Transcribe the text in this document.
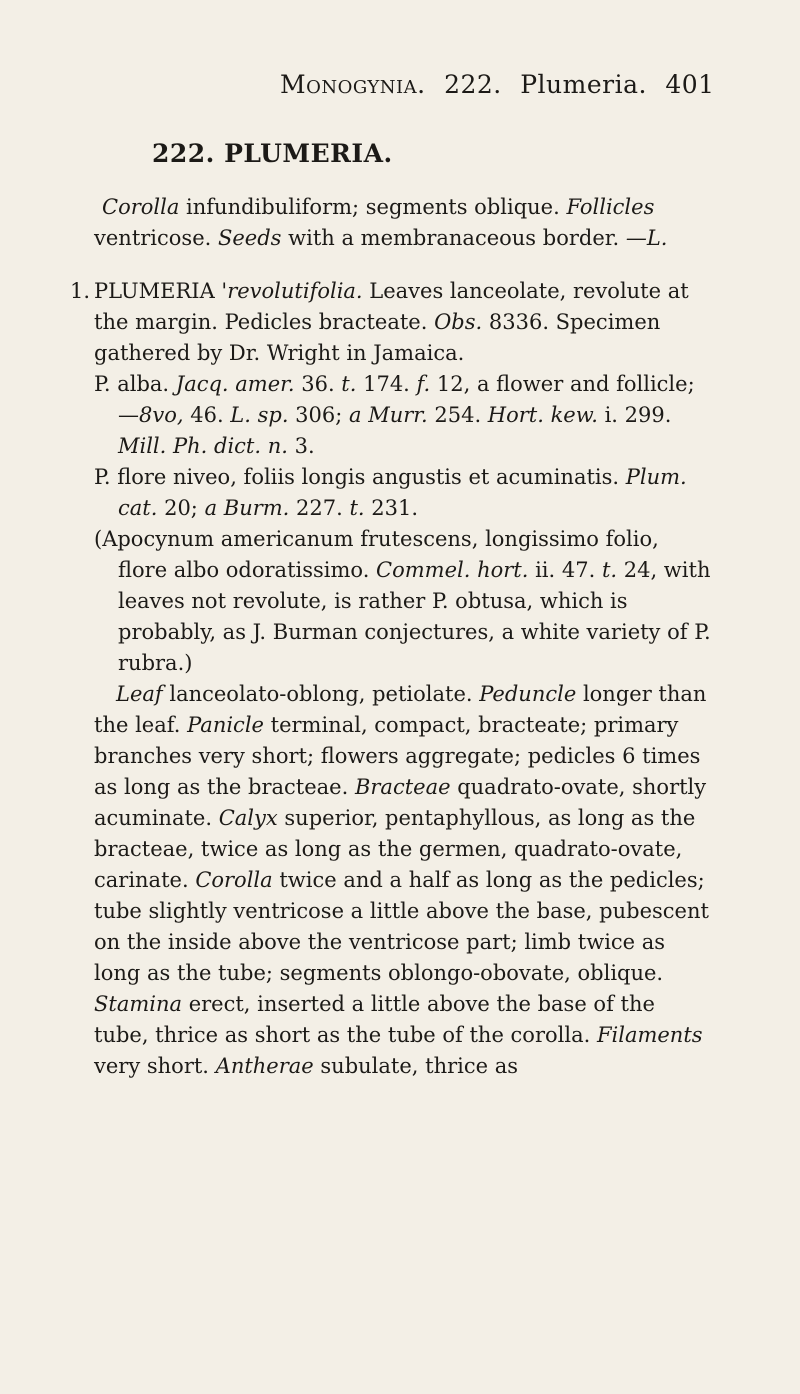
Monogynia. 222. Plumeria. 401
222. PLUMERIA.

Corolla infundibuliform; segments oblique. Follicles ventricose. Seeds with a membranaceous border. —L.

1. PLUMERIA 'revolutifolia. Leaves lanceolate, revolute at the margin. Pedicles bracteate. Obs. 8336. Specimen gathered by Dr. Wright in Jamaica.
P. alba. Jacq. amer. 36. t. 174. f. 12, a flower and follicle;—8vo, 46. L. sp. 306; a Murr. 254. Hort. kew. i. 299. Mill. Ph. dict. n. 3.
P. flore niveo, foliis longis angustis et acuminatis. Plum. cat. 20; a Burm. 227. t. 231.
(Apocynum americanum frutescens, longissimo folio, flore albo odoratissimo. Commel. hort. ii. 47. t. 24, with leaves not revolute, is rather P. obtusa, which is probably, as J. Burman conjectures, a white variety of P. rubra.)
Leaf lanceolato-oblong, petiolate. Peduncle longer than the leaf. Panicle terminal, compact, bracteate; primary branches very short; flowers aggregate; pedicles 6 times as long as the bracteae. Bracteae quadrato-ovate, shortly acuminate. Calyx superior, pentaphyllous, as long as the bracteae, twice as long as the germen, quadrato-ovate, carinate. Corolla twice and a half as long as the pedicles; tube slightly ventricose a little above the base, pubescent on the inside above the ventricose part; limb twice as long as the tube; segments oblongo-obovate, oblique. Stamina erect, inserted a little above the base of the tube, thrice as short as the tube of the corolla. Filaments very short. Antherae subulate, thrice as
